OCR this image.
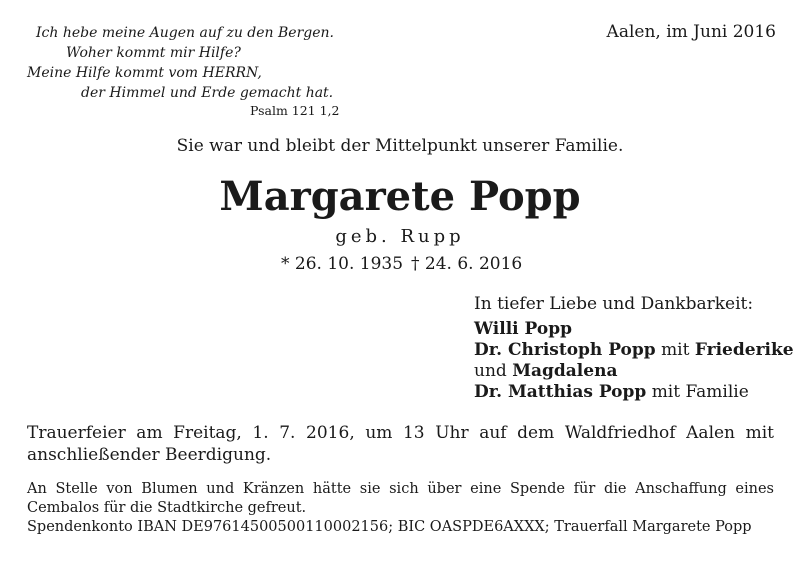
Ich hebe meine Augen auf zu den Bergen.
Woher kommt mir Hilfe?
Meine Hilfe kommt vom HERRN,
der Himmel und Erde gemacht hat.
Psalm 121 1,2
Aalen, im Juni 2016
Sie war und bleibt der Mittelpunkt unserer Familie.
Margarete Popp
geb. Rupp
* 26. 10. 1935 † 24. 6. 2016
In tiefer Liebe und Dankbarkeit:
Willi Popp
Dr. Christoph Popp mit Friederike
und Magdalena
Dr. Matthias Popp mit Familie
Trauerfeier am Freitag, 1. 7. 2016, um 13 Uhr auf dem Waldfriedhof Aalen mit anschließender Beerdigung.
An Stelle von Blumen und Kränzen hätte sie sich über eine Spende für die Anschaffung eines Cembalos für die Stadtkirche gefreut.
Spendenkonto IBAN DE97614500500110002156; BIC OASPDE6AXXX; Trauerfall Margarete Popp
